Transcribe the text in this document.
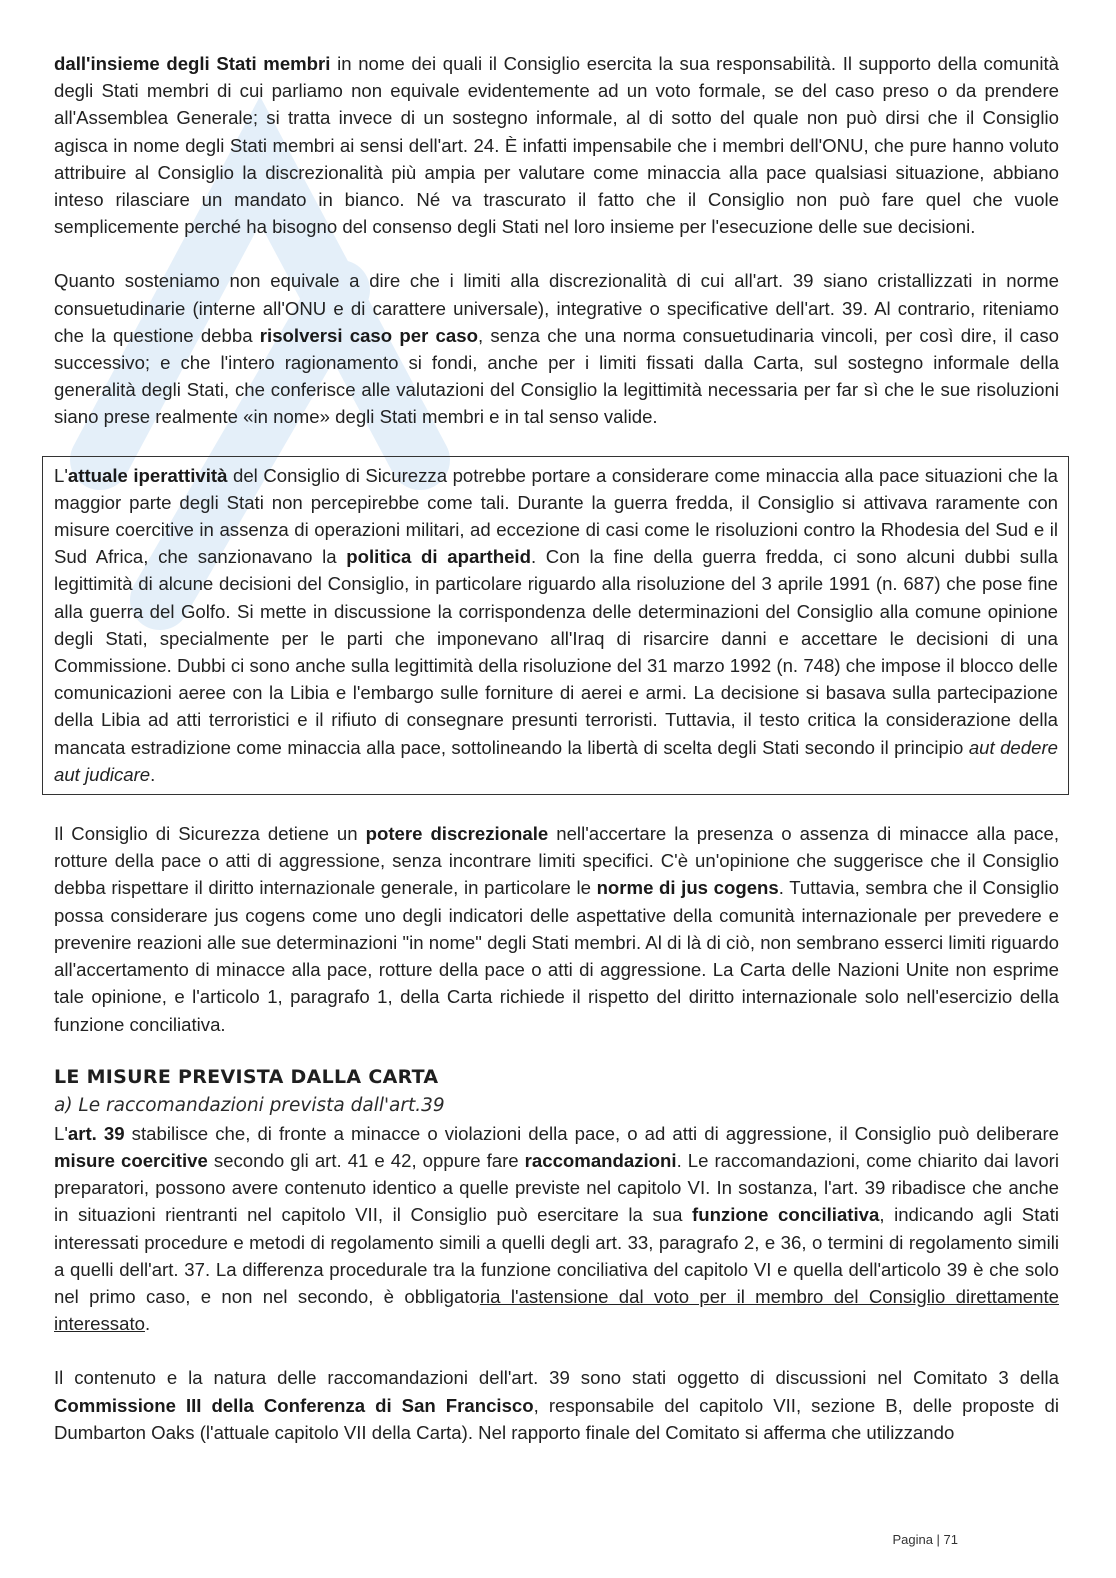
dall'insieme degli Stati membri in nome dei quali il Consiglio esercita la sua responsabilità. Il supporto della comunità degli Stati membri di cui parliamo non equivale evidentemente ad un voto formale, se del caso preso o da prendere all'Assemblea Generale; si tratta invece di un sostegno informale, al di sotto del quale non può dirsi che il Consiglio agisca in nome degli Stati membri ai sensi dell'art. 24. È infatti impensabile che i membri dell'ONU, che pure hanno voluto attribuire al Consiglio la discrezionalità più ampia per valutare come minaccia alla pace qualsiasi situazione, abbiano inteso rilasciare un mandato in bianco. Né va trascurato il fatto che il Consiglio non può fare quel che vuole semplicemente perché ha bisogno del consenso degli Stati nel loro insieme per l'esecuzione delle sue decisioni.

Quanto sosteniamo non equivale a dire che i limiti alla discrezionalità di cui all'art. 39 siano cristallizzati in norme consuetudinarie (interne all'ONU e di carattere universale), integrative o specificative dell'art. 39. Al contrario, riteniamo che la questione debba risolversi caso per caso, senza che una norma consuetudinaria vincoli, per così dire, il caso successivo; e che l'intero ragionamento si fondi, anche per i limiti fissati dalla Carta, sul sostegno informale della generalità degli Stati, che conferisce alle valutazioni del Consiglio la legittimità necessaria per far sì che le sue risoluzioni siano prese realmente «in nome» degli Stati membri e in tal senso valide.

L'attuale iperattività del Consiglio di Sicurezza potrebbe portare a considerare come minaccia alla pace situazioni che la maggior parte degli Stati non percepirebbe come tali. Durante la guerra fredda, il Consiglio si attivava raramente con misure coercitive in assenza di operazioni militari, ad eccezione di casi come le risoluzioni contro la Rhodesia del Sud e il Sud Africa, che sanzionavano la politica di apartheid. Con la fine della guerra fredda, ci sono alcuni dubbi sulla legittimità di alcune decisioni del Consiglio, in particolare riguardo alla risoluzione del 3 aprile 1991 (n. 687) che pose fine alla guerra del Golfo. Si mette in discussione la corrispondenza delle determinazioni del Consiglio alla comune opinione degli Stati, specialmente per le parti che imponevano all'Iraq di risarcire danni e accettare le decisioni di una Commissione. Dubbi ci sono anche sulla legittimità della risoluzione del 31 marzo 1992 (n. 748) che impose il blocco delle comunicazioni aeree con la Libia e l'embargo sulle forniture di aerei e armi. La decisione si basava sulla partecipazione della Libia ad atti terroristici e il rifiuto di consegnare presunti terroristi. Tuttavia, il testo critica la considerazione della mancata estradizione come minaccia alla pace, sottolineando la libertà di scelta degli Stati secondo il principio aut dedere aut judicare.

Il Consiglio di Sicurezza detiene un potere discrezionale nell'accertare la presenza o assenza di minacce alla pace, rotture della pace o atti di aggressione, senza incontrare limiti specifici. C'è un'opinione che suggerisce che il Consiglio debba rispettare il diritto internazionale generale, in particolare le norme di jus cogens. Tuttavia, sembra che il Consiglio possa considerare jus cogens come uno degli indicatori delle aspettative della comunità internazionale per prevedere e prevenire reazioni alle sue determinazioni "in nome" degli Stati membri. Al di là di ciò, non sembrano esserci limiti riguardo all'accertamento di minacce alla pace, rotture della pace o atti di aggressione. La Carta delle Nazioni Unite non esprime tale opinione, e l'articolo 1, paragrafo 1, della Carta richiede il rispetto del diritto internazionale solo nell'esercizio della funzione conciliativa.

LE MISURE PREVISTA DALLA CARTA
a) Le raccomandazioni prevista dall'art.39

L'art. 39 stabilisce che, di fronte a minacce o violazioni della pace, o ad atti di aggressione, il Consiglio può deliberare misure coercitive secondo gli art. 41 e 42, oppure fare raccomandazioni. Le raccomandazioni, come chiarito dai lavori preparatori, possono avere contenuto identico a quelle previste nel capitolo VI. In sostanza, l'art. 39 ribadisce che anche in situazioni rientranti nel capitolo VII, il Consiglio può esercitare la sua funzione conciliativa, indicando agli Stati interessati procedure e metodi di regolamento simili a quelli degli art. 33, paragrafo 2, e 36, o termini di regolamento simili a quelli dell'art. 37. La differenza procedurale tra la funzione conciliativa del capitolo VI e quella dell'articolo 39 è che solo nel primo caso, e non nel secondo, è obbligatoria l'astensione dal voto per il membro del Consiglio direttamente interessato.

Il contenuto e la natura delle raccomandazioni dell'art. 39 sono stati oggetto di discussioni nel Comitato 3 della Commissione III della Conferenza di San Francisco, responsabile del capitolo VII, sezione B, delle proposte di Dumbarton Oaks (l'attuale capitolo VII della Carta). Nel rapporto finale del Comitato si afferma che utilizzando

Pagina | 71
